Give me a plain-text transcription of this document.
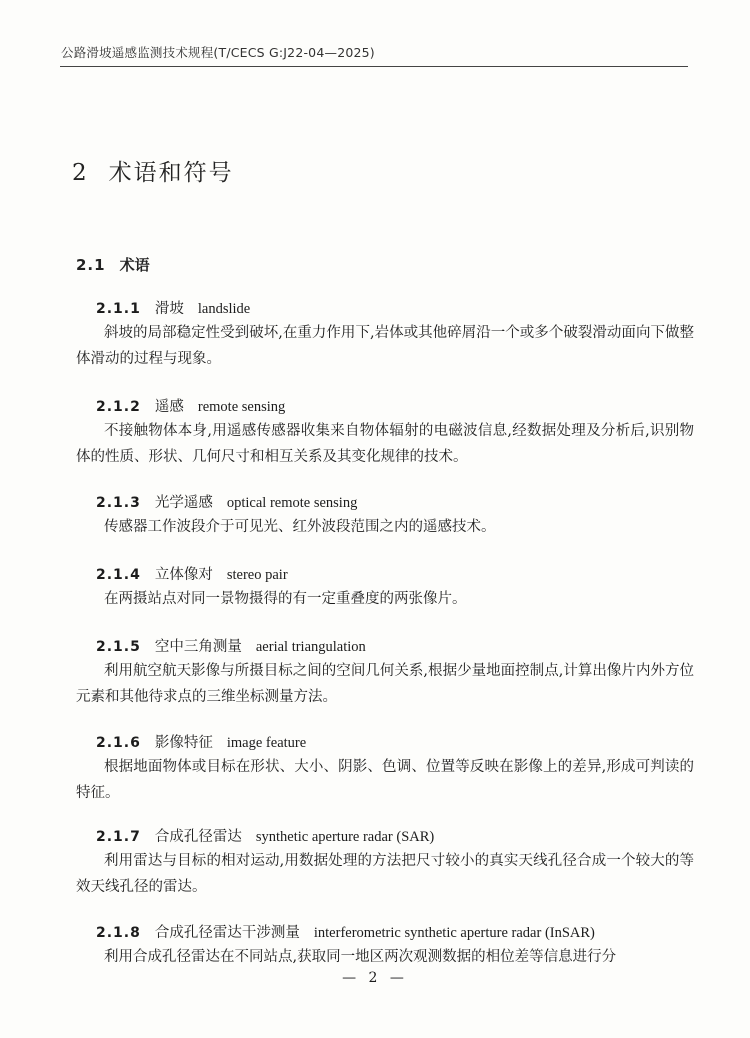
公路滑坡遥感监测技术规程(T/CECS G:J22-04—2025)
2 术语和符号
2.1 术语
2.1.1 滑坡 landslide

斜坡的局部稳定性受到破坏,在重力作用下,岩体或其他碎屑沿一个或多个破裂滑动面向下做整体滑动的过程与现象。

2.1.2 遥感 remote sensing

不接触物体本身,用遥感传感器收集来自物体辐射的电磁波信息,经数据处理及分析后,识别物体的性质、形状、几何尺寸和相互关系及其变化规律的技术。

2.1.3 光学遥感 optical remote sensing

传感器工作波段介于可见光、红外波段范围之内的遥感技术。

2.1.4 立体像对 stereo pair

在两摄站点对同一景物摄得的有一定重叠度的两张像片。

2.1.5 空中三角测量 aerial triangulation

利用航空航天影像与所摄目标之间的空间几何关系,根据少量地面控制点,计算出像片内外方位元素和其他待求点的三维坐标测量方法。

2.1.6 影像特征 image feature

根据地面物体或目标在形状、大小、阴影、色调、位置等反映在影像上的差异,形成可判读的特征。

2.1.7 合成孔径雷达 synthetic aperture radar (SAR)

利用雷达与目标的相对运动,用数据处理的方法把尺寸较小的真实天线孔径合成一个较大的等效天线孔径的雷达。

2.1.8 合成孔径雷达干涉测量 interferometric synthetic aperture radar (InSAR)

利用合成孔径雷达在不同站点,获取同一地区两次观测数据的相位差等信息进行分

— 2 —
